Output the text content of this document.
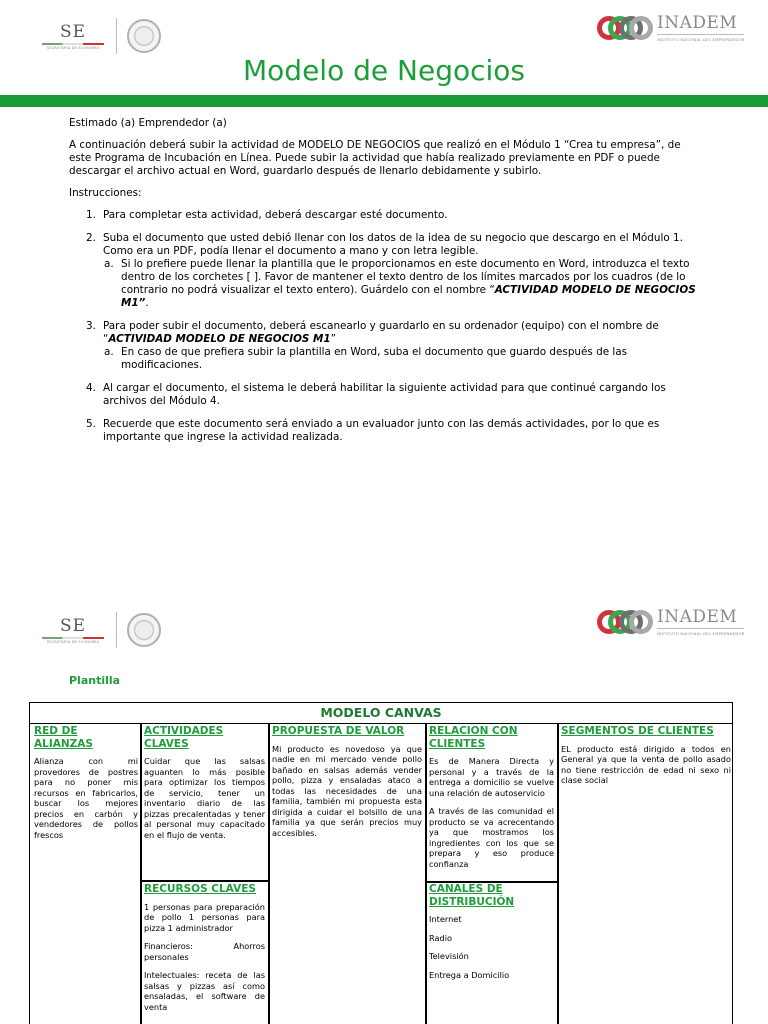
SE
SECRETARÍA DE ECONOMÍA
INADEM
INSTITUTO NACIONAL DEL EMPRENDEDOR
Modelo de Negocios

Estimado (a) Emprendedor (a)

A continuación deberá subir la actividad de MODELO DE NEGOCIOS que realizó en el Módulo 1 “Crea tu empresa”, de este Programa de Incubación en Línea. Puede subir la actividad que había realizado previamente en PDF o puede descargar el archivo actual en Word, guardarlo después de llenarlo debidamente y subirlo.

Instrucciones:

1. Para completar esta actividad, deberá descargar esté documento.
2. Suba el documento que usted debió llenar con los datos de la idea de su negocio que descargo en el Módulo 1. Como era un PDF, podía llenar el documento a mano y con letra legible.
a. Si lo prefiere puede llenar la plantilla que le proporcionamos en este documento en Word, introduzca el texto dentro de los corchetes [ ]. Favor de mantener el texto dentro de los límites marcados por los cuadros (de lo contrario no podrá visualizar el texto entero). Guárdelo con el nombre “ACTIVIDAD MODELO DE NEGOCIOS M1”.
3. Para poder subir el documento, deberá escanearlo y guardarlo en su ordenador (equipo) con el nombre de “ACTIVIDAD MODELO DE NEGOCIOS M1”
a. En caso de que prefiera subir la plantilla en Word, suba el documento que guardo después de las modificaciones.
4. Al cargar el documento, el sistema le deberá habilitar la siguiente actividad para que continué cargando los archivos del Módulo 4.
5. Recuerde que este documento será enviado a un evaluador junto con las demás actividades, por lo que es importante que ingrese la actividad realizada.
SE
SECRETARÍA DE ECONOMÍA
INADEM
INSTITUTO NACIONAL DEL EMPRENDEDOR
Plantilla
MODELO CANVAS
RED DE ALIANZAS
Alianza con mi provedores de postres para no poner mis recursos en fabricarlos, buscar los mejores precios en carbón y vendedores de pollos frescos
ACTIVIDADES CLAVES
Cuidar que las salsas aguanten lo más posible para optimizar los tiempos de servicio, tener un inventario diario de las pizzas precalentadas y tener al personal muy capacitado en el flujo de venta.
RECURSOS CLAVES
1 personas para preparación de pollo 1 personas para pizza 1 administrador
Financieros: Ahorros personales
Intelectuales: receta de las salsas y pizzas así como ensaladas, el software de venta
PROPUESTA DE VALOR
Mi producto es novedoso ya que nadie en mi mercado vende pollo bañado en salsas además vender pollo, pizza y ensaladas ataco a todas las necesidades de una familia, también mi propuesta esta dirigida a cuidar el bolsillo de una familia ya que serán precios muy accesibles.
RELACION CON CLIENTES
Es de Manera Directa y personal y a través de la entrega a domicilio se vuelve una relación de autoservicio
A través de las comunidad el producto se va acrecentando ya que mostramos los ingredientes con los que se prepara y eso produce confianza
CANALES DE DISTRIBUCIÓN
Internet
Radio
Televisión
Entrega a Domicilio
SEGMENTOS DE CLIENTES
EL producto está dirigido a todos en General ya que la venta de pollo asado no tiene restricción de edad ni sexo ni clase social
